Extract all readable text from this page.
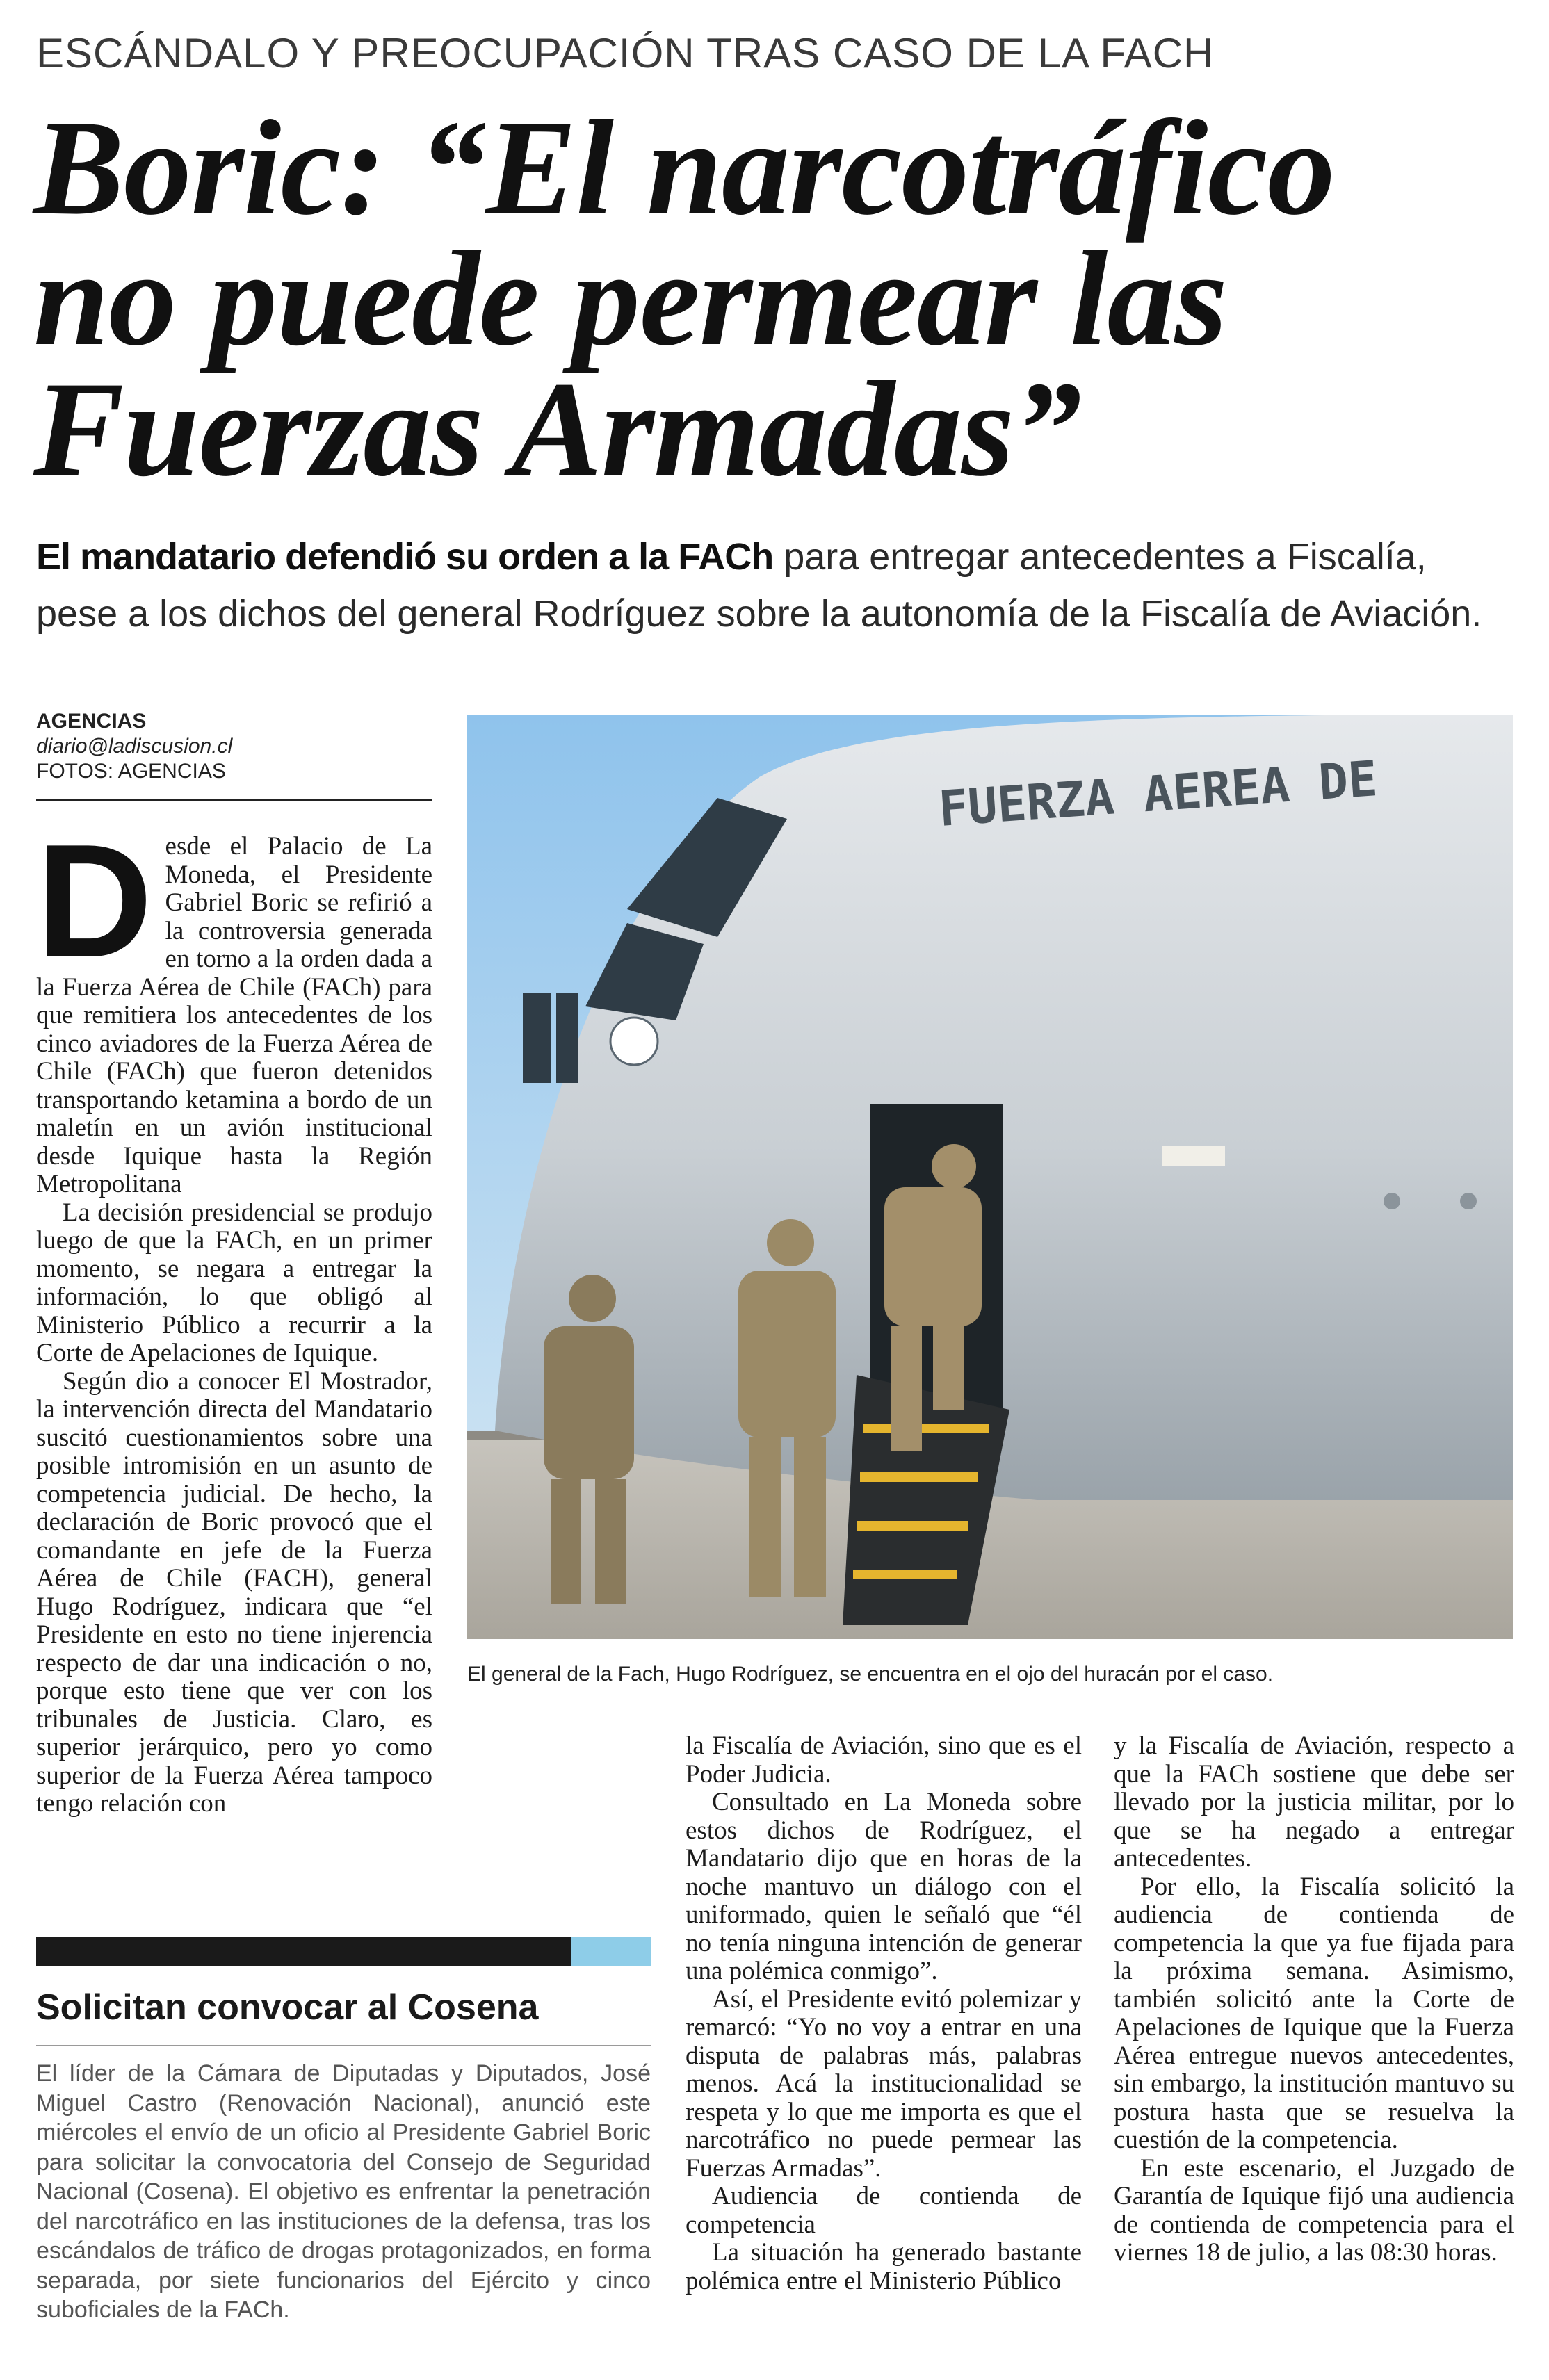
ESCÁNDALO Y PREOCUPACIÓN TRAS CASO DE LA FACH
Boric: “El narcotráfico
no puede permear las
Fuerzas Armadas”

El mandatario defendió su orden a la FACh para entregar antecedentes a Fiscalía, pese a los dichos del general Rodríguez sobre la autonomía de la Fiscalía de Aviación.

AGENCIAS
diario@ladiscusion.cl
FOTOS: AGENCIAS

Desde el Palacio de La Moneda, el Presidente Gabriel Boric se refirió a la controversia generada en torno a la orden dada a la Fuerza Aérea de Chile (FACh) para que remitiera los antecedentes de los cinco aviadores de la Fuerza Aérea de Chile (FACh) que fueron detenidos transportando ketamina a bordo de un maletín en un avión institucional desde Iquique hasta la Región Metropolitana

La decisión presidencial se produjo luego de que la FACh, en un primer momento, se negara a entregar la información, lo que obligó al Ministerio Público a recurrir a la Corte de Apelaciones de Iquique.

Según dio a conocer El Mostrador, la intervención directa del Mandatario suscitó cuestionamientos sobre una posible intromisión en un asunto de competencia judicial. De hecho, la declaración de Boric provocó que el comandante en jefe de la Fuerza Aérea de Chile (FACH), general Hugo Rodríguez, indicara que “el Presidente en esto no tiene injerencia respecto de dar una indicación o no, porque esto tiene que ver con los tribunales de Justicia. Claro, es superior jerárquico, pero yo como superior de la Fuerza Aérea tampoco tengo relación con

FUERZA AEREA DE
El general de la Fach, Hugo Rodríguez, se encuentra en el ojo del huracán por el caso.

la Fiscalía de Aviación, sino que es el Poder Judicia.

Consultado en La Moneda sobre estos dichos de Rodríguez, el Mandatario dijo que en horas de la noche mantuvo un diálogo con el uniformado, quien le señaló que “él no tenía ninguna intención de generar una polémica conmigo”.

Así, el Presidente evitó polemizar y remarcó: “Yo no voy a entrar en una disputa de palabras más, palabras menos. Acá la institucionalidad se respeta y lo que me importa es que el narcotráfico no puede permear las Fuerzas Armadas”.

Audiencia de contienda de competencia

La situación ha generado bastante polémica entre el Ministerio Público

y la Fiscalía de Aviación, respecto a que la FACh sostiene que debe ser llevado por la justicia militar, por lo que se ha negado a entregar antecedentes.

Por ello, la Fiscalía solicitó la audiencia de contienda de competencia la que ya fue fijada para la próxima semana. Asimismo, también solicitó ante la Corte de Apelaciones de Iquique que la Fuerza Aérea entregue nuevos antecedentes, sin embargo, la institución mantuvo su postura hasta que se resuelva la cuestión de la competencia.

En este escenario, el Juzgado de Garantía de Iquique fijó una audiencia de contienda de competencia para el viernes 18 de julio, a las 08:30 horas.

Solicitan convocar al Cosena

El líder de la Cámara de Diputadas y Diputados, José Miguel Castro (Renovación Nacional), anunció este miércoles el envío de un oficio al Presidente Gabriel Boric para solicitar la convocatoria del Consejo de Seguridad Nacional (Cosena). El objetivo es enfrentar la penetración del narcotráfico en las instituciones de la defensa, tras los escándalos de tráfico de drogas protagonizados, en forma separada, por siete funcionarios del Ejército y cinco suboficiales de la FACh.
